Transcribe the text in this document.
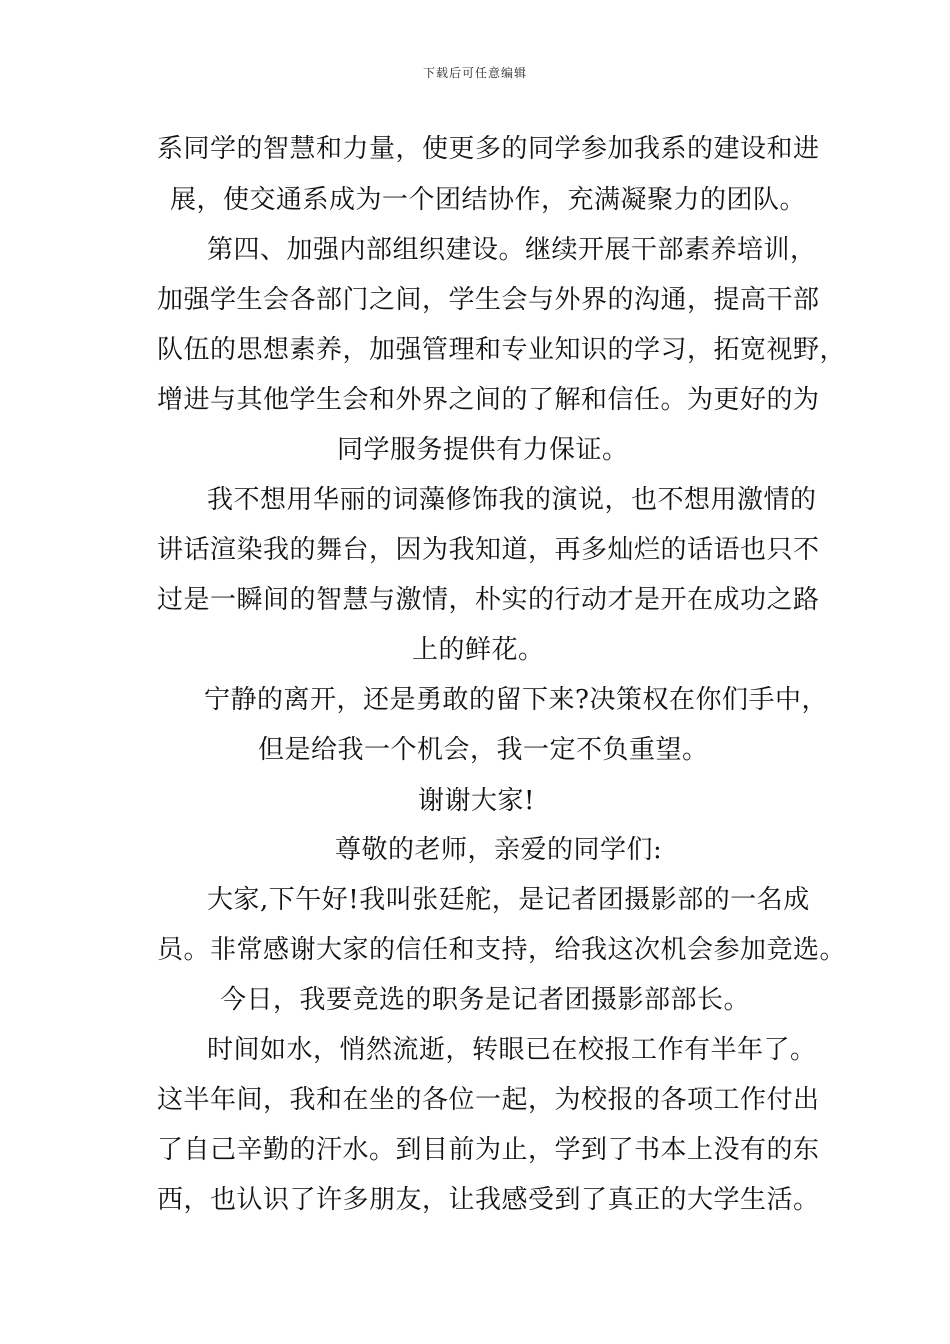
下载后可任意编辑
系同学的智慧和力量，使更多的同学参加我系的建设和进
展，使交通系成为一个团结协作，充满凝聚力的团队。
第四、加强内部组织建设。继续开展干部素养培训，
加强学生会各部门之间，学生会与外界的沟通，提高干部
队伍的思想素养，加强管理和专业知识的学习，拓宽视野，
增进与其他学生会和外界之间的了解和信任。为更好的为
同学服务提供有力保证。
我不想用华丽的词藻修饰我的演说，也不想用激情的
讲话渲染我的舞台，因为我知道，再多灿烂的话语也只不
过是一瞬间的智慧与激情，朴实的行动才是开在成功之路
上的鲜花。
宁静的离开，还是勇敢的留下来?决策权在你们手中，
但是给我一个机会，我一定不负重望。
谢谢大家!
尊敬的老师，亲爱的同学们:
大家,下午好!我叫张廷舵，是记者团摄影部的一名成
员。非常感谢大家的信任和支持，给我这次机会参加竞选。
今日，我要竞选的职务是记者团摄影部部长。
时间如水，悄然流逝，转眼已在校报工作有半年了。
这半年间，我和在坐的各位一起，为校报的各项工作付出
了自己辛勤的汗水。到目前为止，学到了书本上没有的东
西，也认识了许多朋友，让我感受到了真正的大学生活。
